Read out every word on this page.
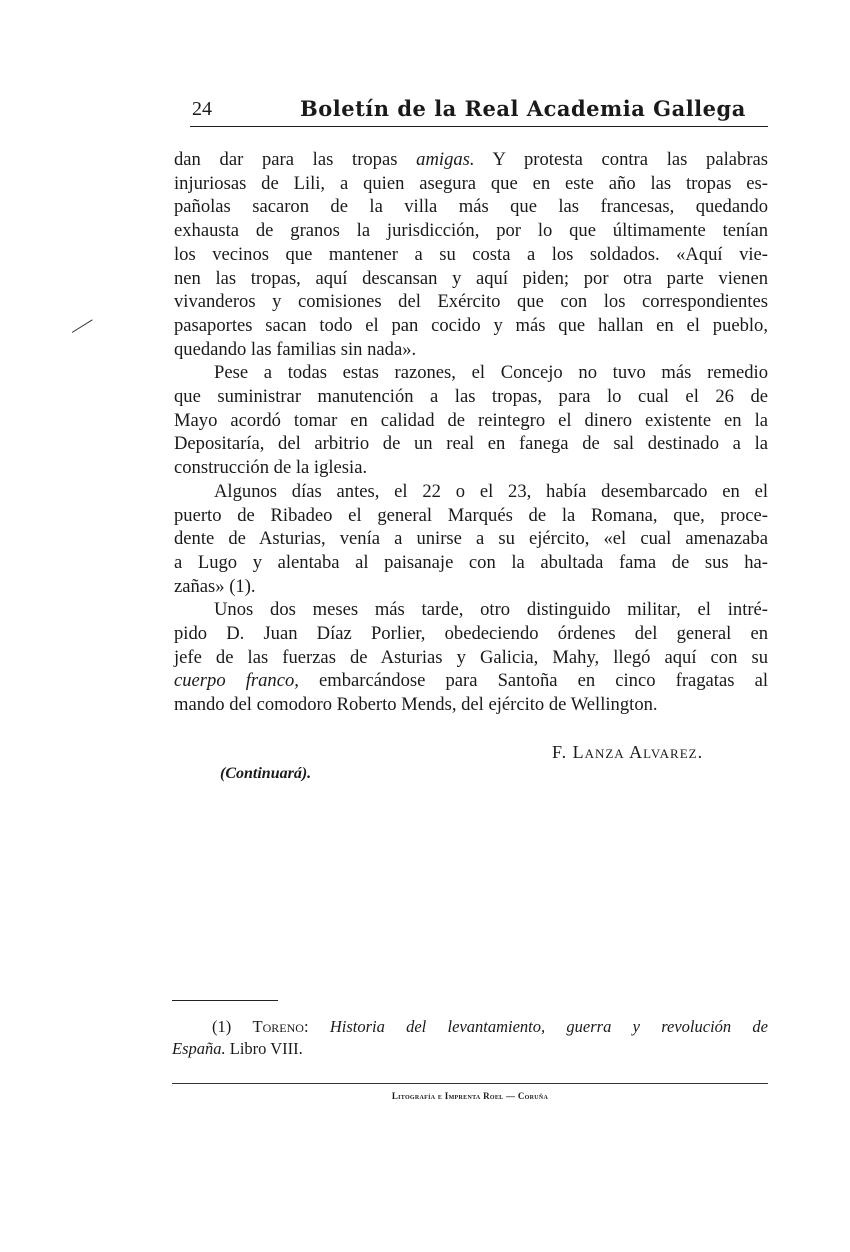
24	Boletín de la Real Academia Gallega
dan dar para las tropas amigas. Y protesta contra las palabras
injuriosas de Lili, a quien asegura que en este año las tropas es-
pañolas sacaron de la villa más que las francesas, quedando
exhausta de granos la jurisdicción, por lo que últimamente tenían
los vecinos que mantener a su costa a los soldados. «Aquí vie-
nen las tropas, aquí descansan y aquí piden; por otra parte vienen
vivanderos y comisiones del Exército que con los correspondientes
pasaportes sacan todo el pan cocido y más que hallan en el pueblo,
quedando las familias sin nada».
Pese a todas estas razones, el Concejo no tuvo más remedio
que suministrar manutención a las tropas, para lo cual el 26 de
Mayo acordó tomar en calidad de reintegro el dinero existente en la
Depositaría, del arbitrio de un real en fanega de sal destinado a la
construcción de la iglesia.
Algunos días antes, el 22 o el 23, había desembarcado en el
puerto de Ribadeo el general Marqués de la Romana, que, proce-
dente de Asturias, venía a unirse a su ejército, «el cual amenazaba
a Lugo y alentaba al paisanaje con la abultada fama de sus ha-
zañas» (1).
Unos dos meses más tarde, otro distinguido militar, el intré-
pido D. Juan Díaz Porlier, obedeciendo órdenes del general en
jefe de las fuerzas de Asturias y Galicia, Mahy, llegó aquí con su
cuerpo franco, embarcándose para Santoña en cinco fragatas al
mando del comodoro Roberto Mends, del ejército de Wellington.
F. Lanza Alvarez.
(Continuará).
(1) Toreno: Historia del levantamiento, guerra y revolución de
España. Libro VIII.
Litografía e Imprenta Roel — Coruña
